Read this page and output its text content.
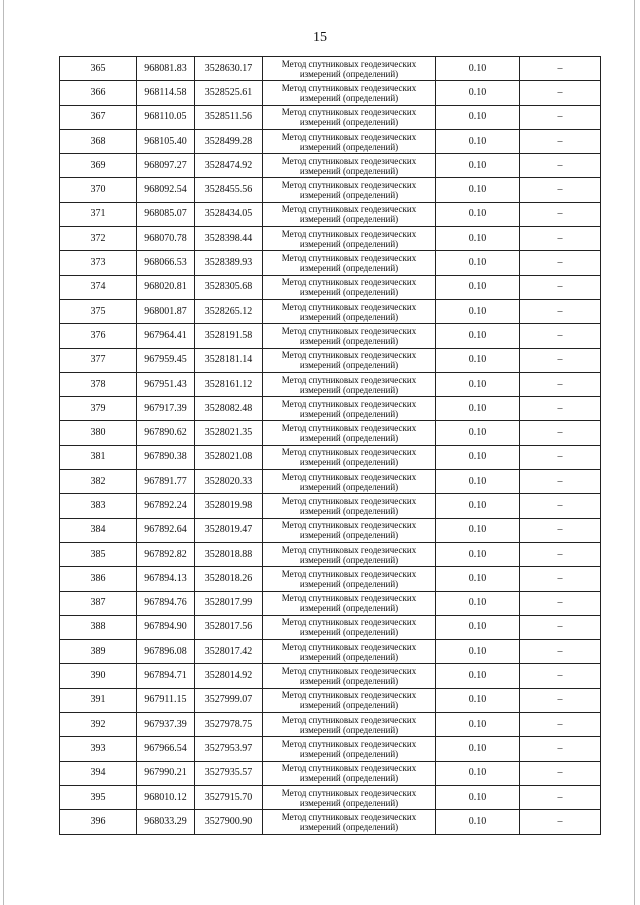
15
365	968081.83	3528630.17	Метод спутниковых геодезических
измерений (определений)	0.10	–
366	968114.58	3528525.61	Метод спутниковых геодезических
измерений (определений)	0.10	–
367	968110.05	3528511.56	Метод спутниковых геодезических
измерений (определений)	0.10	–
368	968105.40	3528499.28	Метод спутниковых геодезических
измерений (определений)	0.10	–
369	968097.27	3528474.92	Метод спутниковых геодезических
измерений (определений)	0.10	–
370	968092.54	3528455.56	Метод спутниковых геодезических
измерений (определений)	0.10	–
371	968085.07	3528434.05	Метод спутниковых геодезических
измерений (определений)	0.10	–
372	968070.78	3528398.44	Метод спутниковых геодезических
измерений (определений)	0.10	–
373	968066.53	3528389.93	Метод спутниковых геодезических
измерений (определений)	0.10	–
374	968020.81	3528305.68	Метод спутниковых геодезических
измерений (определений)	0.10	–
375	968001.87	3528265.12	Метод спутниковых геодезических
измерений (определений)	0.10	–
376	967964.41	3528191.58	Метод спутниковых геодезических
измерений (определений)	0.10	–
377	967959.45	3528181.14	Метод спутниковых геодезических
измерений (определений)	0.10	–
378	967951.43	3528161.12	Метод спутниковых геодезических
измерений (определений)	0.10	–
379	967917.39	3528082.48	Метод спутниковых геодезических
измерений (определений)	0.10	–
380	967890.62	3528021.35	Метод спутниковых геодезических
измерений (определений)	0.10	–
381	967890.38	3528021.08	Метод спутниковых геодезических
измерений (определений)	0.10	–
382	967891.77	3528020.33	Метод спутниковых геодезических
измерений (определений)	0.10	–
383	967892.24	3528019.98	Метод спутниковых геодезических
измерений (определений)	0.10	–
384	967892.64	3528019.47	Метод спутниковых геодезических
измерений (определений)	0.10	–
385	967892.82	3528018.88	Метод спутниковых геодезических
измерений (определений)	0.10	–
386	967894.13	3528018.26	Метод спутниковых геодезических
измерений (определений)	0.10	–
387	967894.76	3528017.99	Метод спутниковых геодезических
измерений (определений)	0.10	–
388	967894.90	3528017.56	Метод спутниковых геодезических
измерений (определений)	0.10	–
389	967896.08	3528017.42	Метод спутниковых геодезических
измерений (определений)	0.10	–
390	967894.71	3528014.92	Метод спутниковых геодезических
измерений (определений)	0.10	–
391	967911.15	3527999.07	Метод спутниковых геодезических
измерений (определений)	0.10	–
392	967937.39	3527978.75	Метод спутниковых геодезических
измерений (определений)	0.10	–
393	967966.54	3527953.97	Метод спутниковых геодезических
измерений (определений)	0.10	–
394	967990.21	3527935.57	Метод спутниковых геодезических
измерений (определений)	0.10	–
395	968010.12	3527915.70	Метод спутниковых геодезических
измерений (определений)	0.10	–
396	968033.29	3527900.90	Метод спутниковых геодезических
измерений (определений)	0.10	–
